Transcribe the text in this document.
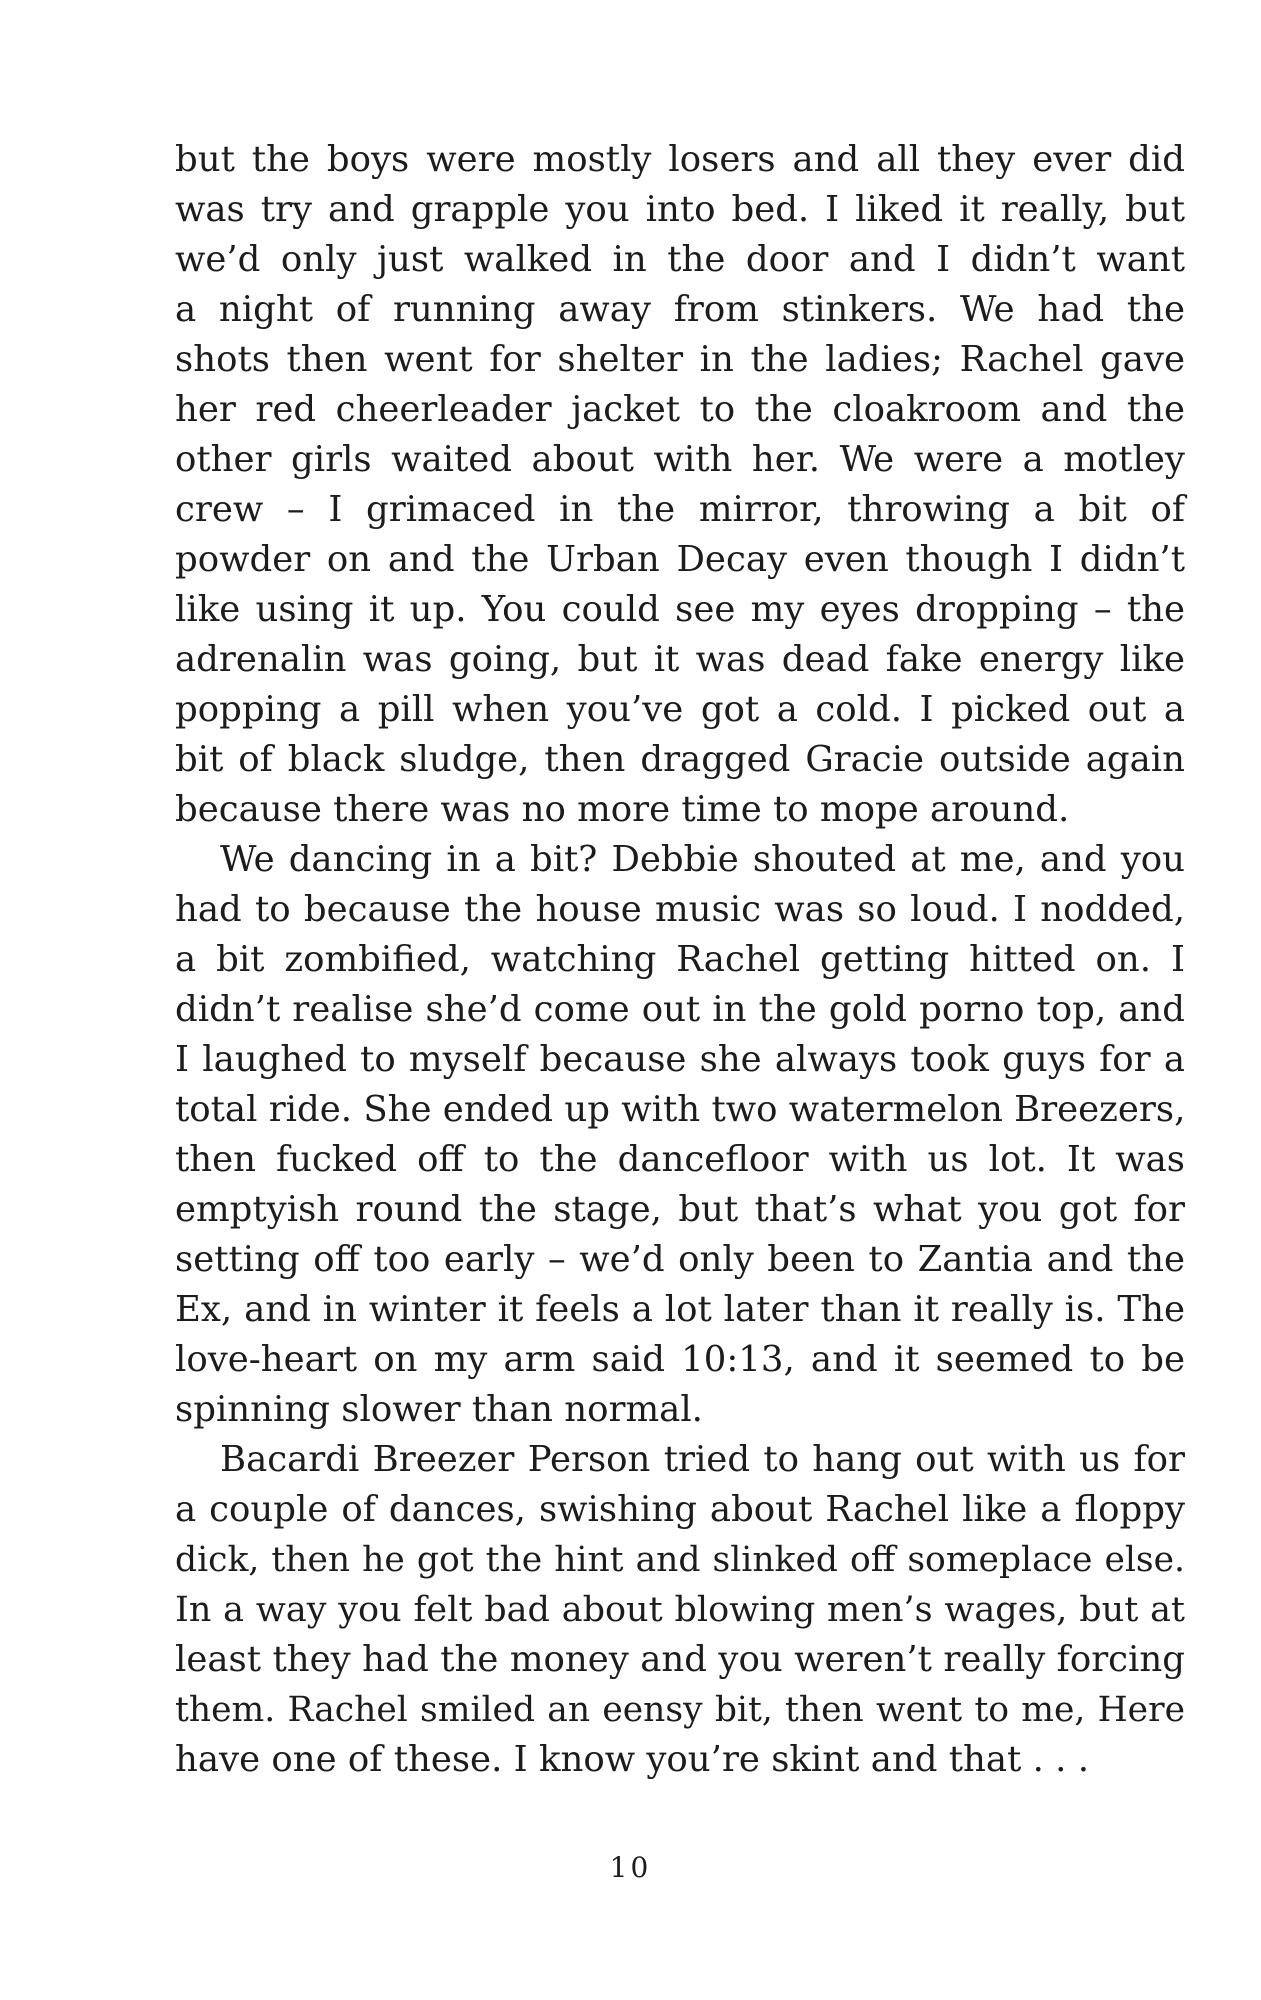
but the boys were mostly losers and all they ever did
was try and grapple you into bed. I liked it really, but
we’d only just walked in the door and I didn’t want
a night of running away from stinkers. We had the
shots then went for shelter in the ladies; Rachel gave
her red cheerleader jacket to the cloakroom and the
other girls waited about with her. We were a motley
crew – I grimaced in the mirror, throwing a bit of
powder on and the Urban Decay even though I didn’t
like using it up. You could see my eyes dropping – the
adrenalin was going, but it was dead fake energy like
popping a pill when you’ve got a cold. I picked out a
bit of black sludge, then dragged Gracie outside again
because there was no more time to mope around.
We dancing in a bit? Debbie shouted at me, and you
had to because the house music was so loud. I nodded,
a bit zombified, watching Rachel getting hitted on. I
didn’t realise she’d come out in the gold porno top, and
I laughed to myself because she always took guys for a
total ride. She ended up with two watermelon Breezers,
then fucked off to the dancefloor with us lot. It was
emptyish round the stage, but that’s what you got for
setting off too early – we’d only been to Zantia and the
Ex, and in winter it feels a lot later than it really is. The
love-heart on my arm said 10:13, and it seemed to be
spinning slower than normal.
Bacardi Breezer Person tried to hang out with us for
a couple of dances, swishing about Rachel like a floppy
dick, then he got the hint and slinked off someplace else.
In a way you felt bad about blowing men’s wages, but at
least they had the money and you weren’t really forcing
them. Rachel smiled an eensy bit, then went to me, Here
have one of these. I know you’re skint and that . . .
10
